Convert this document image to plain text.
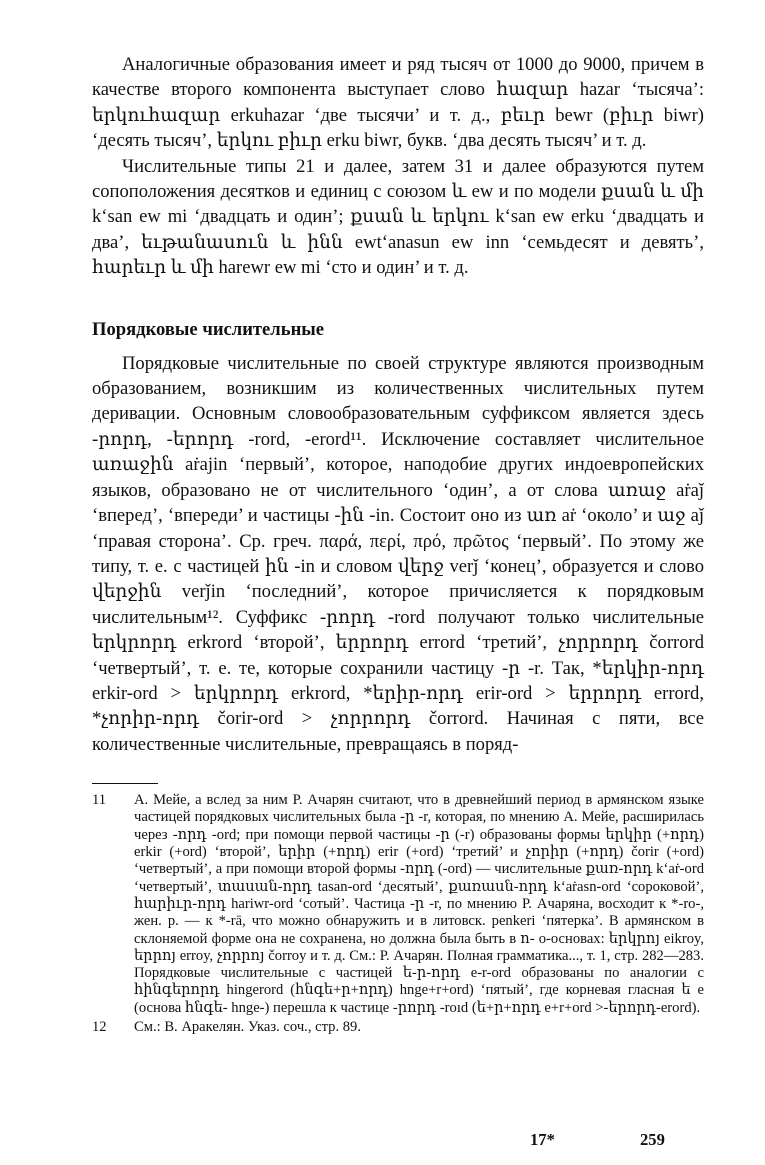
Аналогичные образования имеет и ряд тысяч от 1000 до 9000, причем в качестве второго компонента выступает слово հազար hazar ‘тысяча’: երկուհազար erkuhazar ‘две тысячи’ и т. д., բեւր bewr (բիւր biwr) ‘десять тысяч’, երկու բիւր erku biwr, букв. ‘два десять тысяч’ и т. д.

Числительные типы 21 и далее, затем 31 и далее образуются путем сопоположения десятков и единиц с союзом և ew и по модели քսան և մի k‘san ew mi ‘двадцать и один’; քսան և երկու k‘san ew erku ‘двадцать и два’, եւթանասուն և ինն ewt‘anasun ew inn ‘семьдесят и девять’, հարեւր և մի harewr ew mi ‘сто и один’ и т. д.

Порядковые числительные

Порядковые числительные по своей структуре являются производным образованием, возникшим из количественных числительных путем деривации. Основным словообразовательным суффиксом является здесь -րորդ, -երորդ -rord, -erord¹¹. Исключение составляет числительное առաջին aṙajin ‘первый’, которое, наподобие других индоевропейских языков, образовано не от числительного ‘один’, а от слова առաջ aṙaǰ ‘вперед’, ‘впереди’ и частицы -ին -in. Состоит оно из առ aṙ ‘около’ и աջ aǰ ‘правая сторона’. Ср. греч. παρά, περί, πρό, πρῶτος ‘первый’. По этому же типу, т. е. с частицей ին -in и словом վերջ verǰ ‘конец’, образуется и слово վերջին verǰin ‘последний’, которое причисляется к порядковым числительным¹². Суффикс -րորդ -rord получают только числительные երկրորդ erkrord ‘второй’, երրորդ errord ‘третий’, չորրորդ čorrord ‘четвертый’, т. е. те, которые сохранили частицу -ր -r. Так, *երկիր-որդ erkir-ord > երկրորդ erkrord, *երիր-որդ erir-ord > երրորդ errord, *չորիր-որդ čorir-ord > չորրորդ čorrord. Начиная с пяти, все количественные числительные, превращаясь в поряд-

11 А. Мейе, а вслед за ним Р. Ачарян считают, что в древнейший период в армянском языке частицей порядковых числительных была -ր -r, которая, по мнению А. Мейе, расширилась через -որդ -ord; при помощи первой частицы -ր (-r) образованы формы երկիր (+որդ) erkir (+ord) ‘второй’, երիր (+որդ) erir (+ord) ‘третий’ и չորիր (+որդ) čorir (+ord) ‘четвертый’, а при помощи второй формы -որդ (-ord) — числительные քառ-որդ k‘aṙ-ord ‘четвертый’, տասան-որդ tasan-ord ‘десятый’, քառասն-որդ k‘aṙasn-ord ‘сороковой’, հարիւր-որդ hariwr-ord ‘сотый’. Частица -ր -r, по мнению Р. Ачаряна, восходит к *-ro-, жен. р. — к *-rā, что можно обнаружить и в литовск. penkeri ‘пятерка’. В армянском в склоняемой форме она не сохранена, но должна была быть в ո- о-основах: երկրոյ eikroy, երրոյ erroy, չորրոյ čorroy и т. д. См.: Р. Ачарян. Полная грамматика..., т. 1, стр. 282—283. Порядковые числительные с частицей ե-ր-որդ e-r-ord образованы по аналогии с հինգերորդ hingerord (հնգե+ր+որդ) hnge+r+ord) ‘пятый’, где корневая гласная ե e (основа հնգե- hnge-) перешла к частице -րորդ -roıd (ե+ր+որդ e+r+ord >-երորդ-erord).

12 См.: В. Аракелян. Указ. соч., стр. 89.

17*	259
